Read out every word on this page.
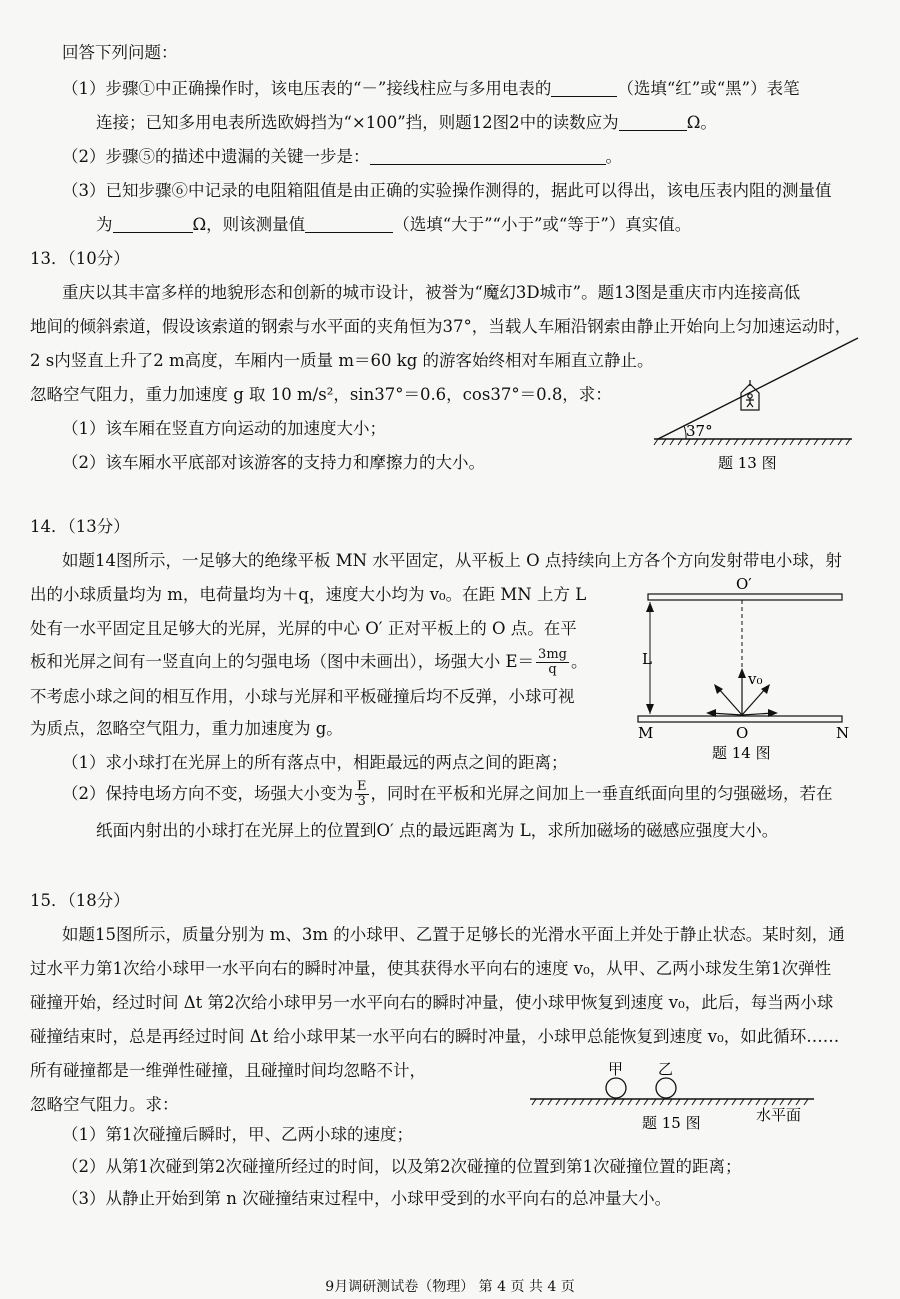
回答下列问题：
（1）步骤①中正确操作时，该电压表的“－”接线柱应与多用电表的	（选填“红”或“黑”）表笔
连接；已知多用电表所选欧姆挡为“×100”挡，则题12图2中的读数应为	Ω。
（2）步骤⑤的描述中遗漏的关键一步是：	。
（3）已知步骤⑥中记录的电阻箱阻值是由正确的实验操作测得的，据此可以得出，该电压表内阻的测量值
为	Ω，则该测量值	（选填“大于”“小于”或“等于”）真实值。
13．（10分）
重庆以其丰富多样的地貌形态和创新的城市设计，被誉为“魔幻3D城市”。题13图是重庆市内连接高低
地间的倾斜索道，假设该索道的钢索与水平面的夹角恒为37°，当载人车厢沿钢索由静止开始向上匀加速运动时，
2 s内竖直上升了2 m高度，车厢内一质量 m＝60 kg 的游客始终相对车厢直立静止。
忽略空气阻力，重力加速度 g 取 10 m/s²，sin37°＝0.6，cos37°＝0.8，求：
（1）该车厢在竖直方向运动的加速度大小；
（2）该车厢水平底部对该游客的支持力和摩擦力的大小。
37°
题 13 图
14．（13分）
如题14图所示，一足够大的绝缘平板 MN 水平固定，从平板上 O 点持续向上方各个方向发射带电小球，射
出的小球质量均为 m，电荷量均为＋q，速度大小均为 v₀。在距 MN 上方 L
处有一水平固定且足够大的光屏，光屏的中心 O′ 正对平板上的 O 点。在平
板和光屏之间有一竖直向上的匀强电场（图中未画出），场强大小 $E= \frac{3mg}{q}$ 。
不考虑小球之间的相互作用，小球与光屏和平板碰撞后均不反弹，小球可视
为质点，忽略空气阻力，重力加速度为 g。
（1）求小球打在光屏上的所有落点中，相距最远的两点之间的距离；
（2）保持电场方向不变，场强大小变为 $\frac{E}{3}$ ，同时在平板和光屏之间加上一垂直纸面向里的匀强磁场，若在
纸面内射出的小球打在光屏上的位置到O′ 点的最远距离为 L，求所加磁场的磁感应强度大小。
O′
L
v₀
M	O	N
题 14 图
15．（18分）
如题15图所示，质量分别为 m、3m 的小球甲、乙置于足够长的光滑水平面上并处于静止状态。某时刻，通
过水平力第1次给小球甲一水平向右的瞬时冲量，使其获得水平向右的速度 v₀，从甲、乙两小球发生第1次弹性
碰撞开始，经过时间 Δt 第2次给小球甲另一水平向右的瞬时冲量，使小球甲恢复到速度 v₀，此后，每当两小球
碰撞结束时，总是再经过时间 Δt 给小球甲某一水平向右的瞬时冲量，小球甲总能恢复到速度 v₀，如此循环……
所有碰撞都是一维弹性碰撞，且碰撞时间均忽略不计，
忽略空气阻力。求：
（1）第1次碰撞后瞬时，甲、乙两小球的速度；
（2）从第1次碰到第2次碰撞所经过的时间，以及第2次碰撞的位置到第1次碰撞位置的距离；
（3）从静止开始到第 n 次碰撞结束过程中，小球甲受到的水平向右的总冲量大小。
甲 乙
题 15 图	水平面
9月调研测试卷（物理） 第 4 页 共 4 页
